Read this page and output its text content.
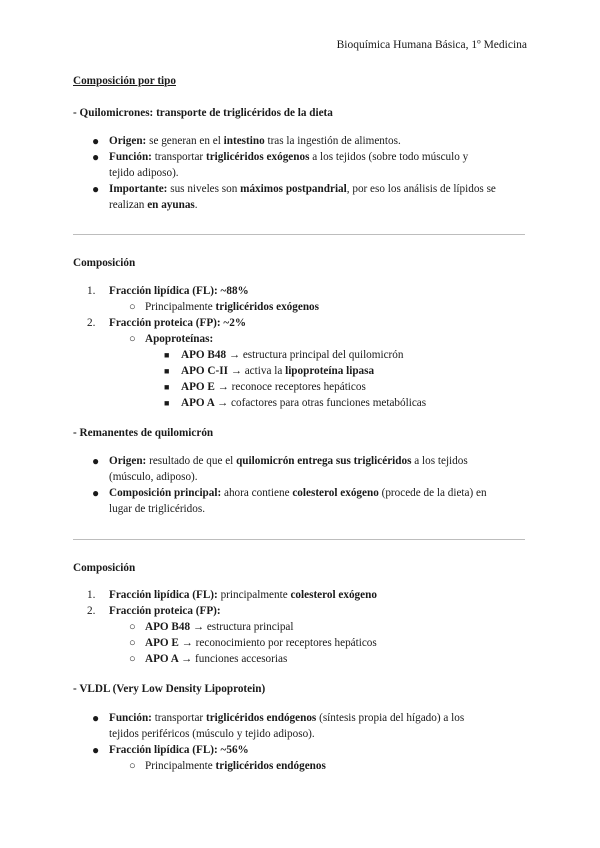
Bioquímica Humana Básica, 1º Medicina
Composición por tipo
- Quilomicrones: transporte de triglicéridos de la dieta
● Origen: se generan en el intestino tras la ingestión de alimentos.
● Función: transportar triglicéridos exógenos a los tejidos (sobre todo músculo y
tejido adiposo).
● Importante: sus niveles son máximos postpandrial, por eso los análisis de lípidos se
realizan en ayunas.
Composición
1. Fracción lipídica (FL): ~88%
○ Principalmente triglicéridos exógenos
2. Fracción proteica (FP): ~2%
○ Apoproteínas:
■ APO B48 → estructura principal del quilomicrón
■ APO C-II → activa la lipoproteína lipasa
■ APO E → reconoce receptores hepáticos
■ APO A → cofactores para otras funciones metabólicas
- Remanentes de quilomicrón
● Origen: resultado de que el quilomicrón entrega sus triglicéridos a los tejidos
(músculo, adiposo).
● Composición principal: ahora contiene colesterol exógeno (procede de la dieta) en
lugar de triglicéridos.
Composición
1. Fracción lipídica (FL): principalmente colesterol exógeno
2. Fracción proteica (FP):
○ APO B48 → estructura principal
○ APO E → reconocimiento por receptores hepáticos
○ APO A → funciones accesorias
- VLDL (Very Low Density Lipoprotein)
● Función: transportar triglicéridos endógenos (síntesis propia del hígado) a los
tejidos periféricos (músculo y tejido adiposo).
● Fracción lipídica (FL): ~56%
○ Principalmente triglicéridos endógenos
